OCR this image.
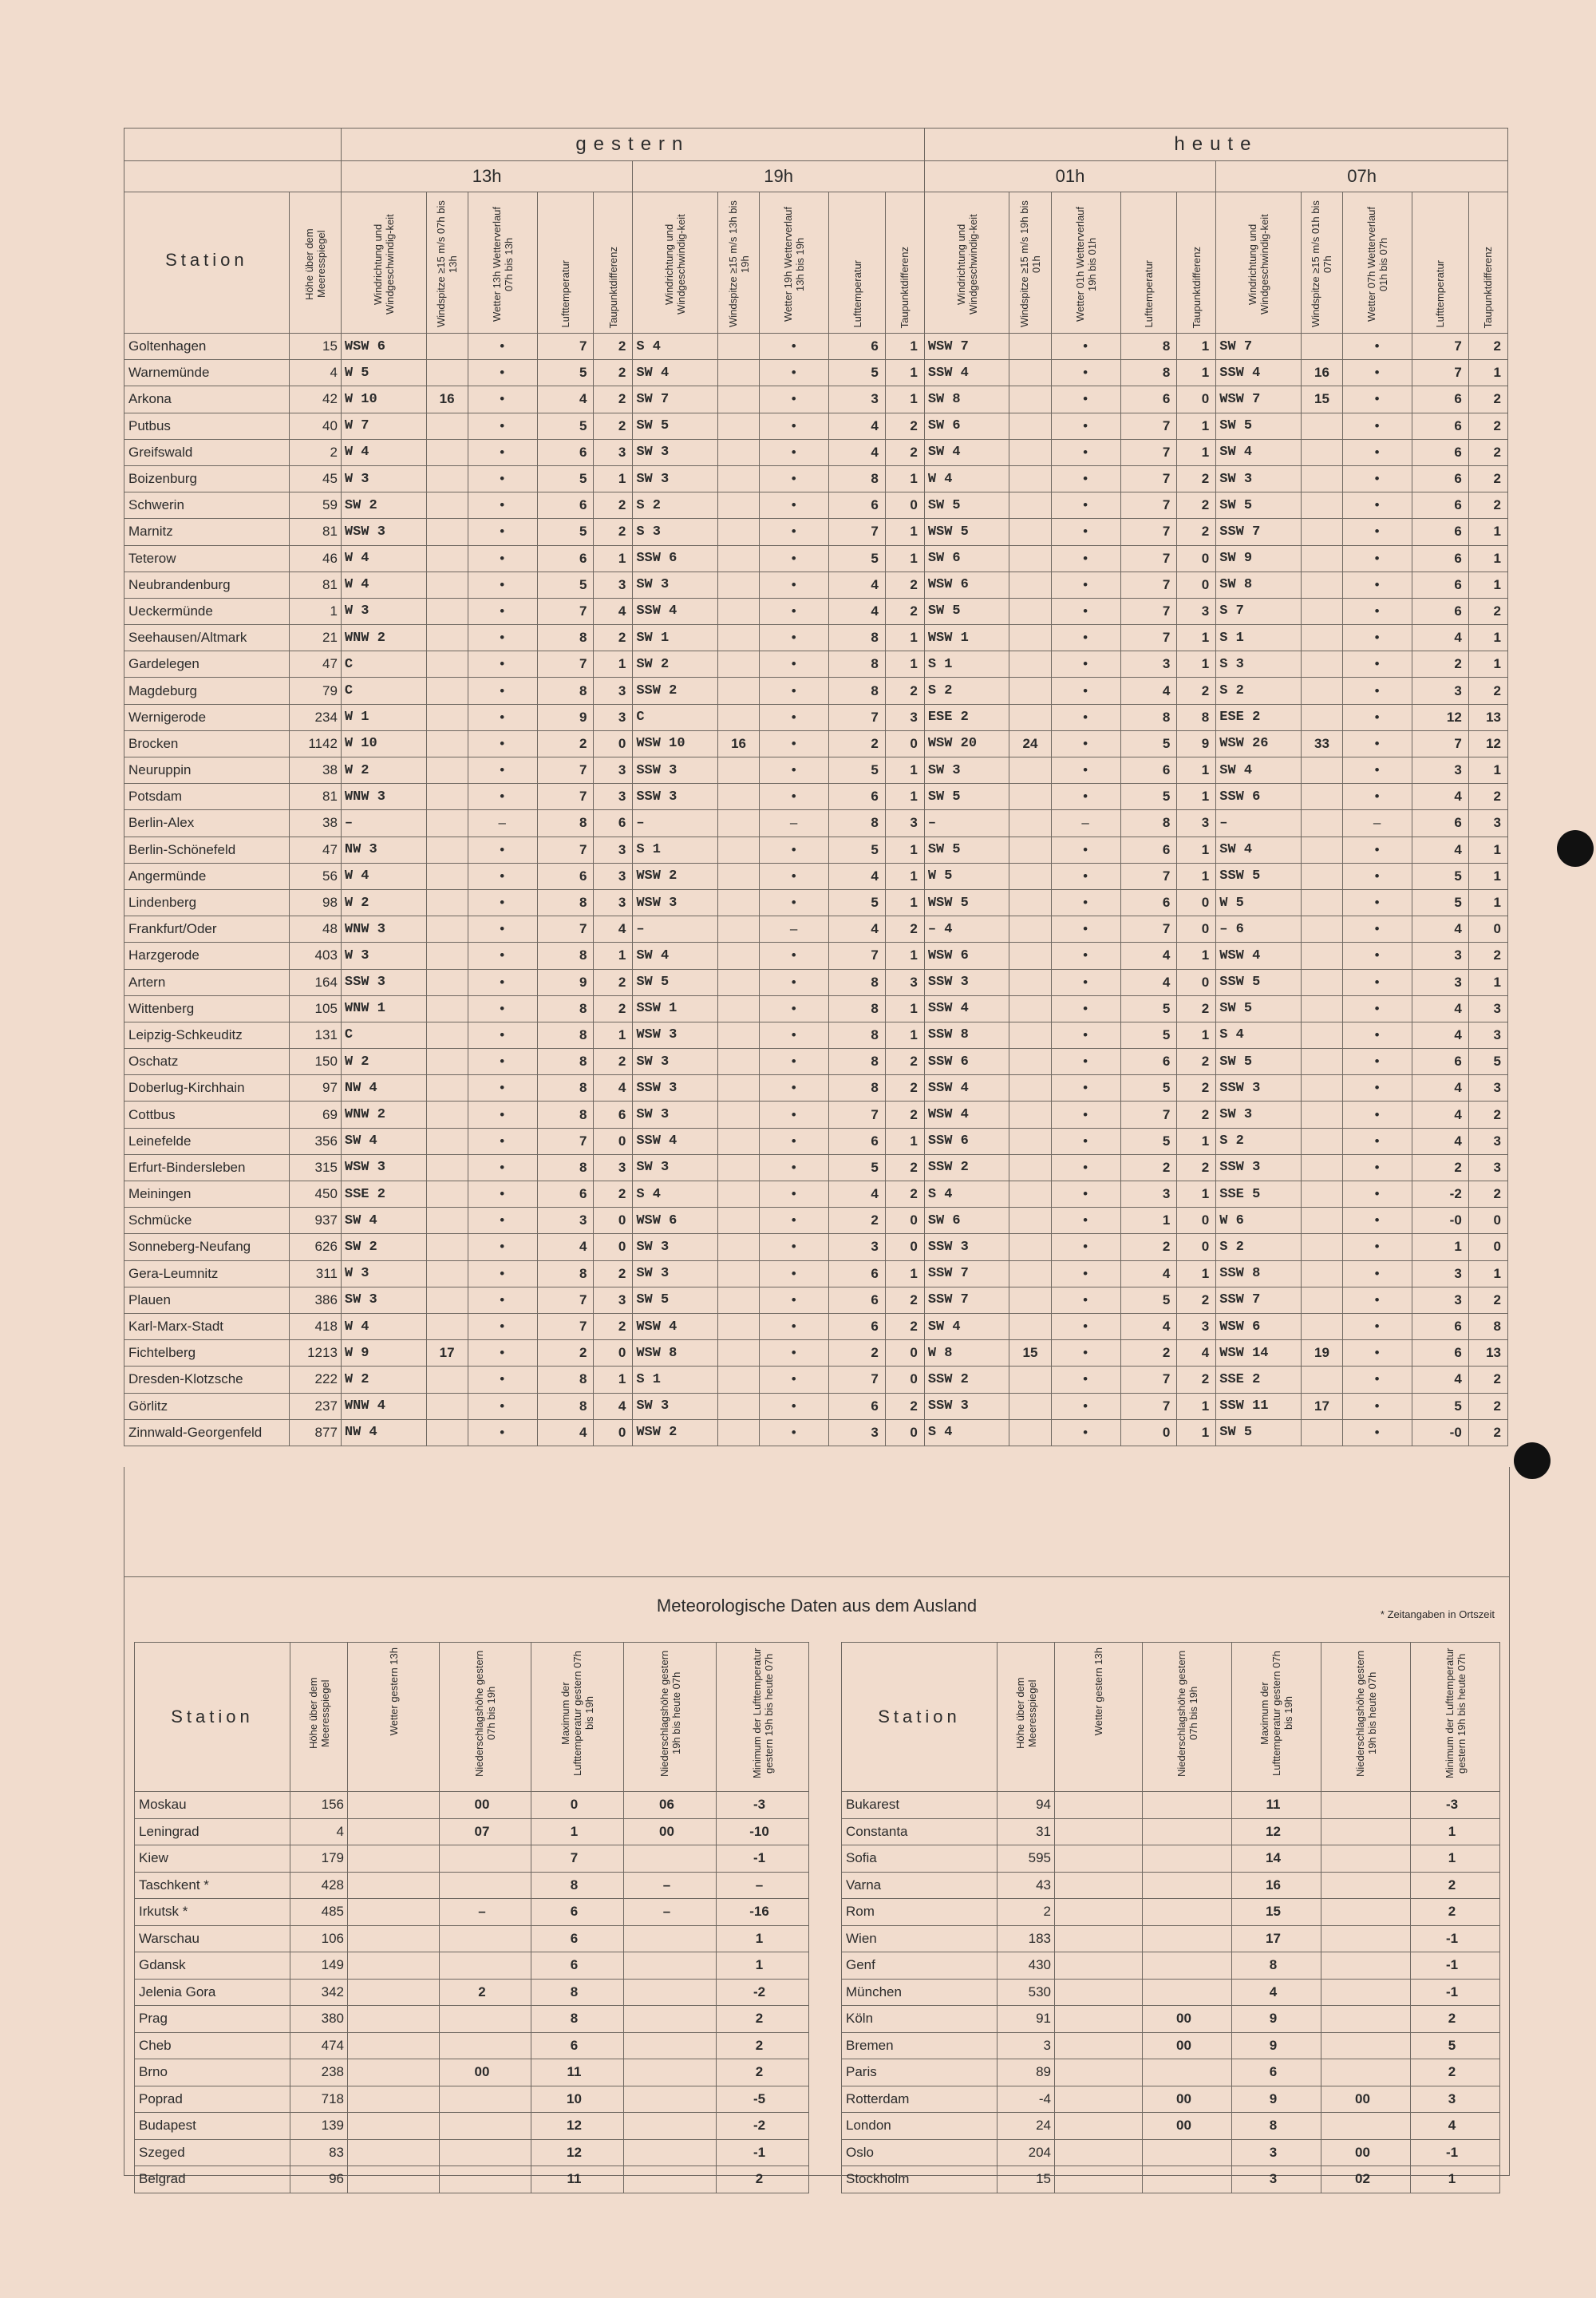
		gestern										heute									
		13h					19h					01h					07h				
Station	Höhe über dem Meeresspiegel	Windrichtung und Windgeschwindig-keit	Windspitze ≥15 m/s 07h bis 13h	Wetter 13h Wetterverlauf 07h bis 13h	Lufttemperatur	Taupunktdifferenz	Windrichtung und Windgeschwindig-keit	Windspitze ≥15 m/s 13h bis 19h	Wetter 19h Wetterverlauf 13h bis 19h	Lufttemperatur	Taupunktdifferenz	Windrichtung und Windgeschwindig-keit	Windspitze ≥15 m/s 19h bis 01h	Wetter 01h Wetterverlauf 19h bis 01h	Lufttemperatur	Taupunktdifferenz	Windrichtung und Windgeschwindig-keit	Windspitze ≥15 m/s 01h bis 07h	Wetter 07h Wetterverlauf 01h bis 07h	Lufttemperatur	Taupunktdifferenz

Goltenhagen	15	WSW 6		•	7	2	S 4		•	6	1	WSW 7		•	8	1	SW 7		•	7	2
Warnemünde	4	W 5		•	5	2	SW 4		•	5	1	SSW 4		•	8	1	SSW 4	16	•	7	1
Arkona	42	W 10	16	•	4	2	SW 7		•	3	1	SW 8		•	6	0	WSW 7	15	•	6	2
Putbus	40	W 7		•	5	2	SW 5		•	4	2	SW 6		•	7	1	SW 5		•	6	2
Greifswald	2	W 4		•	6	3	SW 3		•	4	2	SW 4		•	7	1	SW 4		•	6	2
Boizenburg	45	W 3		•	5	1	SW 3		•	8	1	W 4		•	7	2	SW 3		•	6	2
Schwerin	59	SW 2		•	6	2	S 2		•	6	0	SW 5		•	7	2	SW 5		•	6	2
Marnitz	81	WSW 3		•	5	2	S 3		•	7	1	WSW 5		•	7	2	SSW 7		•	6	1
Teterow	46	W 4		•	6	1	SSW 6		•	5	1	SW 6		•	7	0	SW 9		•	6	1
Neubrandenburg	81	W 4		•	5	3	SW 3		•	4	2	WSW 6		•	7	0	SW 8		•	6	1
Ueckermünde	1	W 3		•	7	4	SSW 4		•	4	2	SW 5		•	7	3	S 7		•	6	2
Seehausen/Altmark	21	WNW 2		•	8	2	SW 1		•	8	1	WSW 1		•	7	1	S 1		•	4	1
Gardelegen	47	C		•	7	1	SW 2		•	8	1	S 1		•	3	1	S 3		•	2	1
Magdeburg	79	C		•	8	3	SSW 2		•	8	2	S 2		•	4	2	S 2		•	3	2
Wernigerode	234	W 1		•	9	3	C		•	7	3	ESE 2		•	8	8	ESE 2		•	12	13
Brocken	1142	W 10		•	2	0	WSW 10	16	•	2	0	WSW 20	24	•	5	9	WSW 26	33	•	7	12
Neuruppin	38	W 2		•	7	3	SSW 3		•	5	1	SW 3		•	6	1	SW 4		•	3	1
Potsdam	81	WNW 3		•	7	3	SSW 3		•	6	1	SW 5		•	5	1	SSW 6		•	4	2
Berlin-Alex	38	–		–	8	6	–		–	8	3	–		–	8	3	–		–	6	3
Berlin-Schönefeld	47	NW 3		•	7	3	S 1		•	5	1	SW 5		•	6	1	SW 4		•	4	1
Angermünde	56	W 4		•	6	3	WSW 2		•	4	1	W 5		•	7	1	SSW 5		•	5	1
Lindenberg	98	W 2		•	8	3	WSW 3		•	5	1	WSW 5		•	6	0	W 5		•	5	1
Frankfurt/Oder	48	WNW 3		•	7	4	–		–	4	2	– 4		•	7	0	– 6		•	4	0
Harzgerode	403	W 3		•	8	1	SW 4		•	7	1	WSW 6		•	4	1	WSW 4		•	3	2
Artern	164	SSW 3		•	9	2	SW 5		•	8	3	SSW 3		•	4	0	SSW 5		•	3	1
Wittenberg	105	WNW 1		•	8	2	SSW 1		•	8	1	SSW 4		•	5	2	SW 5		•	4	3
Leipzig-Schkeuditz	131	C		•	8	1	WSW 3		•	8	1	SSW 8		•	5	1	S 4		•	4	3
Oschatz	150	W 2		•	8	2	SW 3		•	8	2	SSW 6		•	6	2	SW 5		•	6	5
Doberlug-Kirchhain	97	NW 4		•	8	4	SSW 3		•	8	2	SSW 4		•	5	2	SSW 3		•	4	3
Cottbus	69	WNW 2		•	8	6	SW 3		•	7	2	WSW 4		•	7	2	SW 3		•	4	2
Leinefelde	356	SW 4		•	7	0	SSW 4		•	6	1	SSW 6		•	5	1	S 2		•	4	3
Erfurt-Bindersleben	315	WSW 3		•	8	3	SW 3		•	5	2	SSW 2		•	2	2	SSW 3		•	2	3
Meiningen	450	SSE 2		•	6	2	S 4		•	4	2	S 4		•	3	1	SSE 5		•	-2	2
Schmücke	937	SW 4		•	3	0	WSW 6		•	2	0	SW 6		•	1	0	W 6		•	-0	0
Sonneberg-Neufang	626	SW 2		•	4	0	SW 3		•	3	0	SSW 3		•	2	0	S 2		•	1	0
Gera-Leumnitz	311	W 3		•	8	2	SW 3		•	6	1	SSW 7		•	4	1	SSW 8		•	3	1
Plauen	386	SW 3		•	7	3	SW 5		•	6	2	SSW 7		•	5	2	SSW 7		•	3	2
Karl-Marx-Stadt	418	W 4		•	7	2	WSW 4		•	6	2	SW 4		•	4	3	WSW 6		•	6	8
Fichtelberg	1213	W 9	17	•	2	0	WSW 8		•	2	0	W 8	15	•	2	4	WSW 14	19	•	6	13
Dresden-Klotzsche	222	W 2		•	8	1	S 1		•	7	0	SSW 2		•	7	2	SSE 2		•	4	2
Görlitz	237	WNW 4		•	8	4	SW 3		•	6	2	SSW 3		•	7	1	SSW 11	17	•	5	2
Zinnwald-Georgenfeld	877	NW 4		•	4	0	WSW 2		•	3	0	S 4		•	0	1	SW 5		•	-0	2
Meteorologische Daten aus dem Ausland	* Zeitangaben in Ortszeit
Station	Höhe über dem Meeresspiegel	Wetter gestern 13h	Niederschlagshöhe gestern 07h bis 19h	Maximum der Lufttemperatur gestern 07h bis 19h	Niederschlagshöhe gestern 19h bis heute 07h	Minimum der Lufttemperatur gestern 19h bis heute 07h

Moskau	156		00	0	06	-3
Leningrad	4		07	1	00	-10
Kiew	179			7		-1
Taschkent *	428			8	–	–
Irkutsk *	485		–	6	–	-16
Warschau	106			6		1
Gdansk	149			6		1
Jelenia Gora	342		2	8		-2
Prag	380			8		2
Cheb	474			6		2
Brno	238		00	11		2
Poprad	718			10		-5
Budapest	139			12		-2
Szeged	83			12		-1
Belgrad	96			11		2
Station	Höhe über dem Meeresspiegel	Wetter gestern 13h	Niederschlagshöhe gestern 07h bis 19h	Maximum der Lufttemperatur gestern 07h bis 19h	Niederschlagshöhe gestern 19h bis heute 07h	Minimum der Lufttemperatur gestern 19h bis heute 07h

Bukarest	94			11		-3
Constanta	31			12		1
Sofia	595			14		1
Varna	43			16		2
Rom	2			15		2
Wien	183			17		-1
Genf	430			8		-1
München	530			4		-1
Köln	91		00	9		2
Bremen	3		00	9		5
Paris	89			6		2
Rotterdam	-4		00	9	00	3
London	24		00	8		4
Oslo	204			3	00	-1
Stockholm	15			3	02	1
